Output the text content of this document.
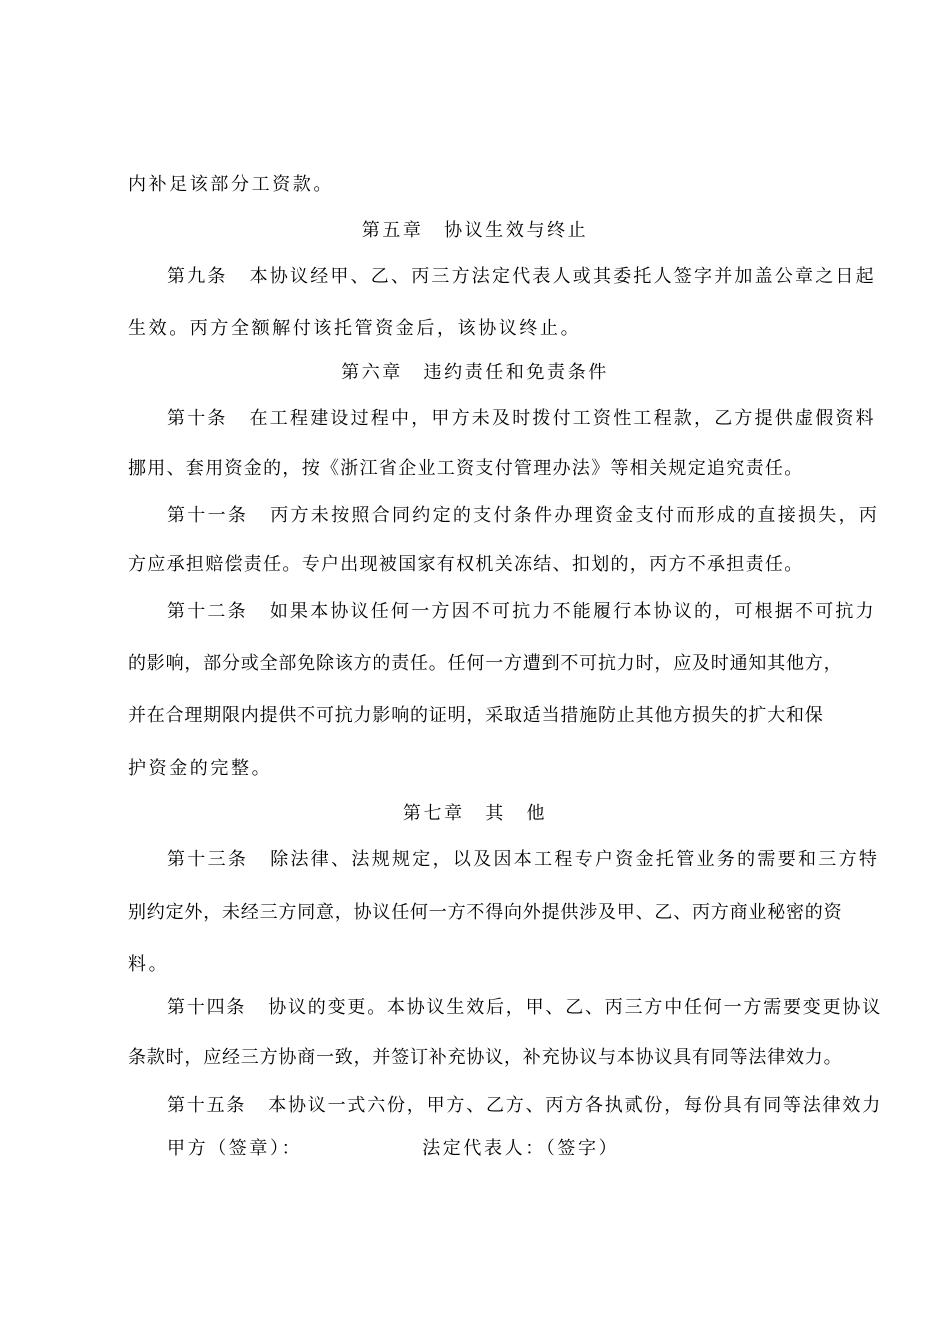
内补足该部分工资款。
第五章　协议生效与终止
第九条 本协议经甲、乙、丙三方法定代表人或其委托人签字并加盖公章之日起
生效。丙方全额解付该托管资金后，该协议终止。
第六章　违约责任和免责条件
第十条 在工程建设过程中，甲方未及时拨付工资性工程款，乙方提供虚假资料
挪用、套用资金的，按《浙江省企业工资支付管理办法》等相关规定追究责任。
第十一条 丙方未按照合同约定的支付条件办理资金支付而形成的直接损失，丙
方应承担赔偿责任。专户出现被国家有权机关冻结、扣划的，丙方不承担责任。
第十二条 如果本协议任何一方因不可抗力不能履行本协议的，可根据不可抗力
的影响，部分或全部免除该方的责任。任何一方遭到不可抗力时，应及时通知其他方，
并在合理期限内提供不可抗力影响的证明，采取适当措施防止其他方损失的扩大和保
护资金的完整。
第七章　其　他
第十三条 除法律、法规规定，以及因本工程专户资金托管业务的需要和三方特
别约定外，未经三方同意，协议任何一方不得向外提供涉及甲、乙、丙方商业秘密的资
料。
第十四条 协议的变更。本协议生效后，甲、乙、丙三方中任何一方需要变更协议
条款时，应经三方协商一致，并签订补充协议，补充协议与本协议具有同等法律效力。
第十五条 本协议一式六份，甲方、乙方、丙方各执贰份，每份具有同等法律效力
甲方（签章）：	法定代表人：（签字）
